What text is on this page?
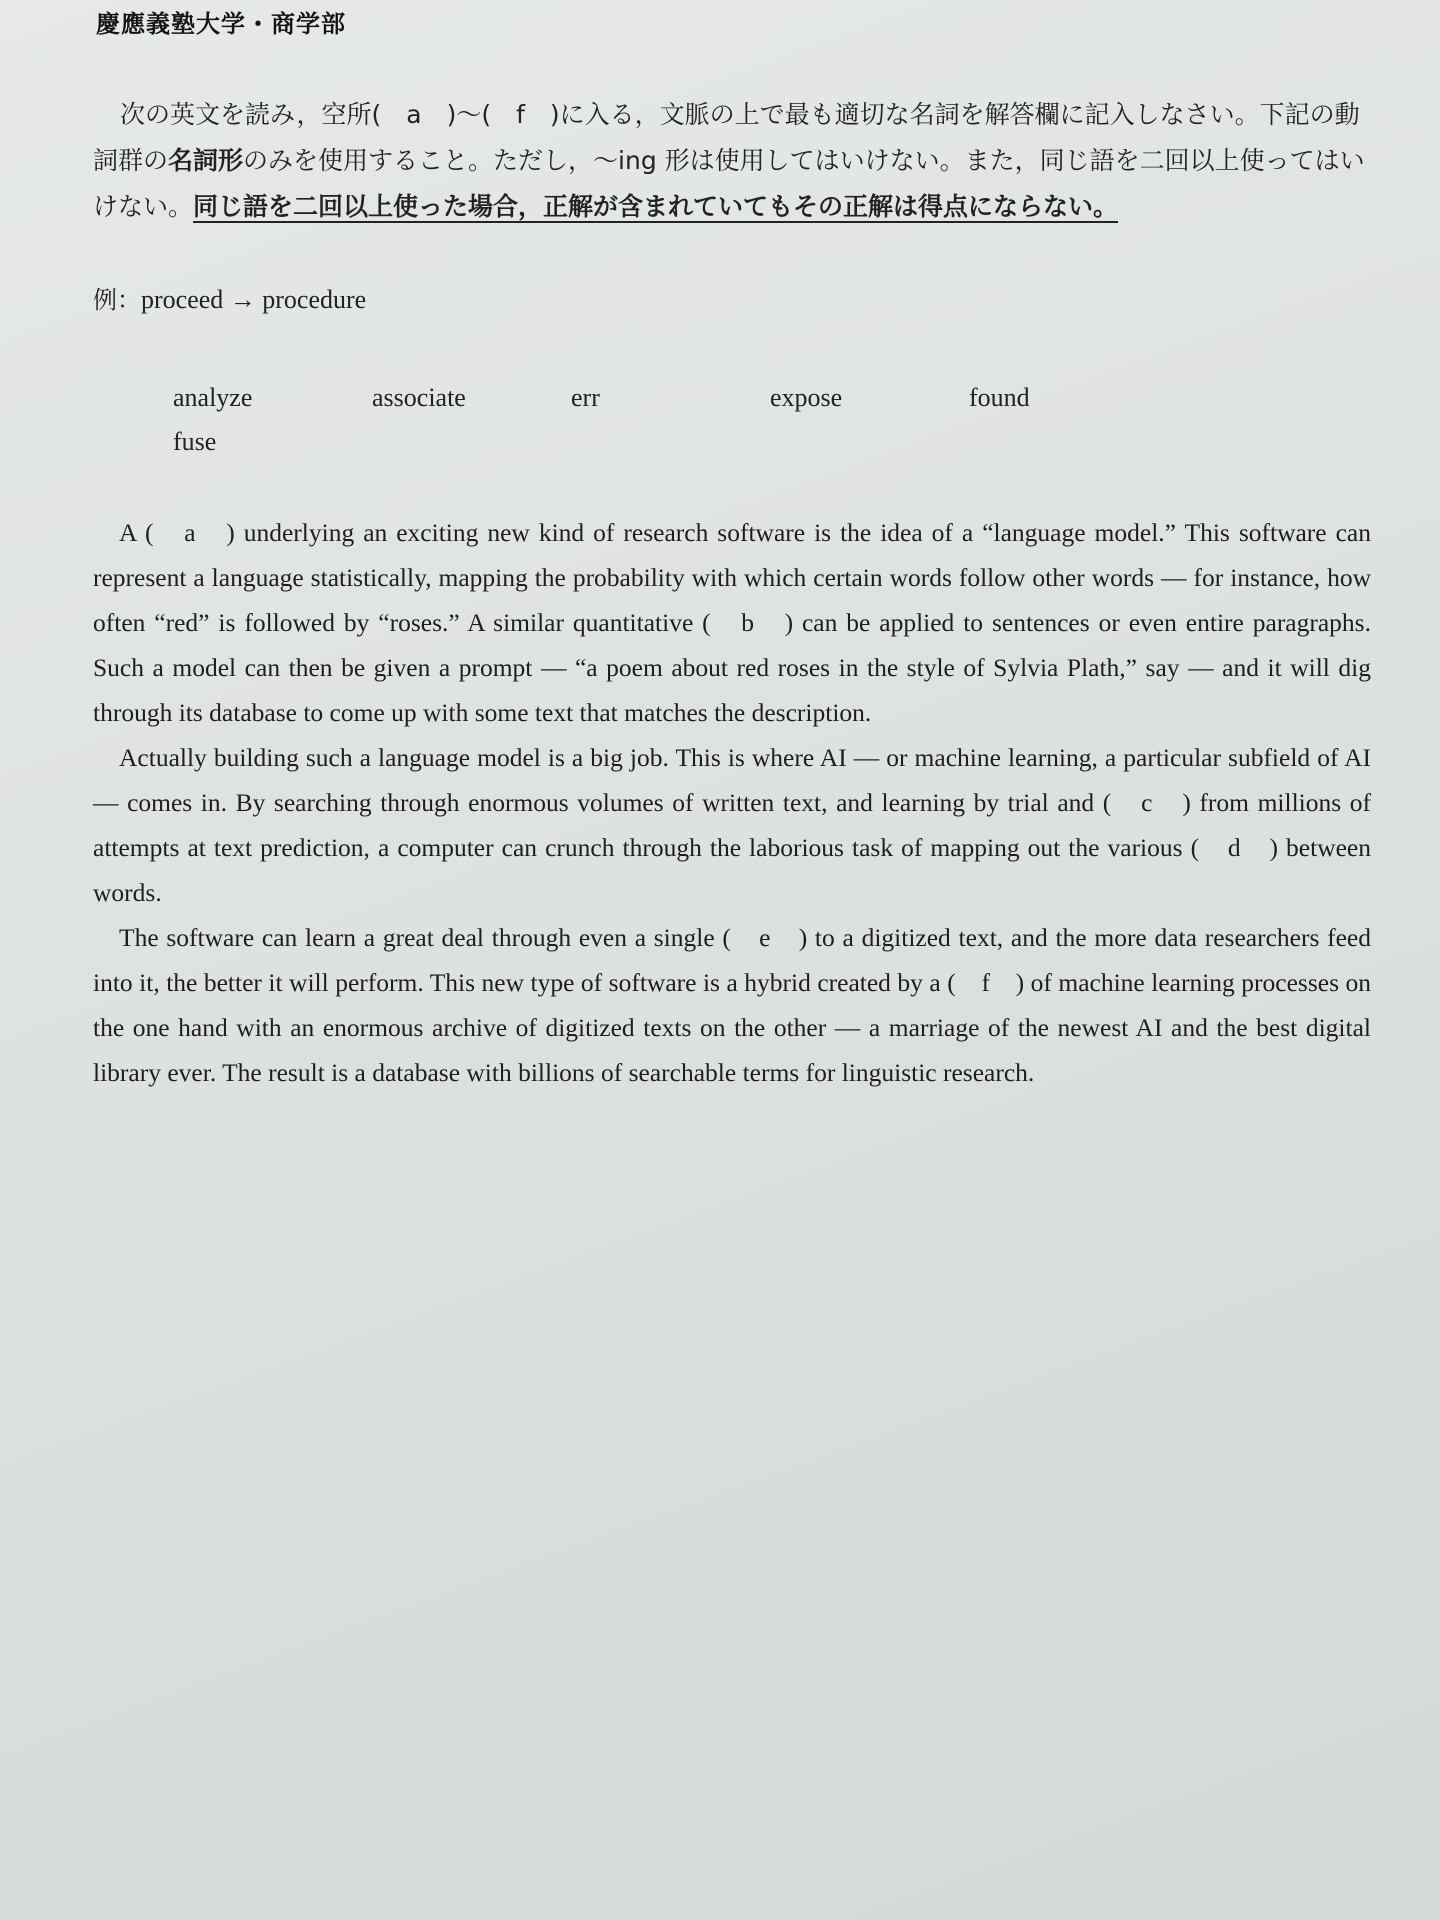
慶應義塾大学・商学部
次の英文を読み，空所(　a　)〜(　f　)に入る，文脈の上で最も適切な名詞を解答欄に記入しなさい。下記の動詞群の名詞形のみを使用すること。ただし，〜ing 形は使用してはいけない。また，同じ語を二回以上使ってはいけない。同じ語を二回以上使った場合，正解が含まれていてもその正解は得点にならない。
例：proceed → procedure
analyze	associate	err	expose	found
fuse

A (　a　) underlying an exciting new kind of research software is the idea of a “language model.” This software can represent a language statistically, mapping the probability with which certain words follow other words — for instance, how often “red” is followed by “roses.” A similar quantitative (　b　) can be applied to sentences or even entire paragraphs. Such a model can then be given a prompt — “a poem about red roses in the style of Sylvia Plath,” say — and it will dig through its database to come up with some text that matches the description.

Actually building such a language model is a big job. This is where AI — or machine learning, a particular subfield of AI — comes in. By searching through enormous volumes of written text, and learning by trial and (　c　) from millions of attempts at text prediction, a computer can crunch through the laborious task of mapping out the various (　d　) between words.

The software can learn a great deal through even a single (　e　) to a digitized text, and the more data researchers feed into it, the better it will perform. This new type of software is a hybrid created by a (　f　) of machine learning processes on the one hand with an enormous archive of digitized texts on the other — a marriage of the newest AI and the best digital library ever. The result is a database with billions of searchable terms for linguistic research.
